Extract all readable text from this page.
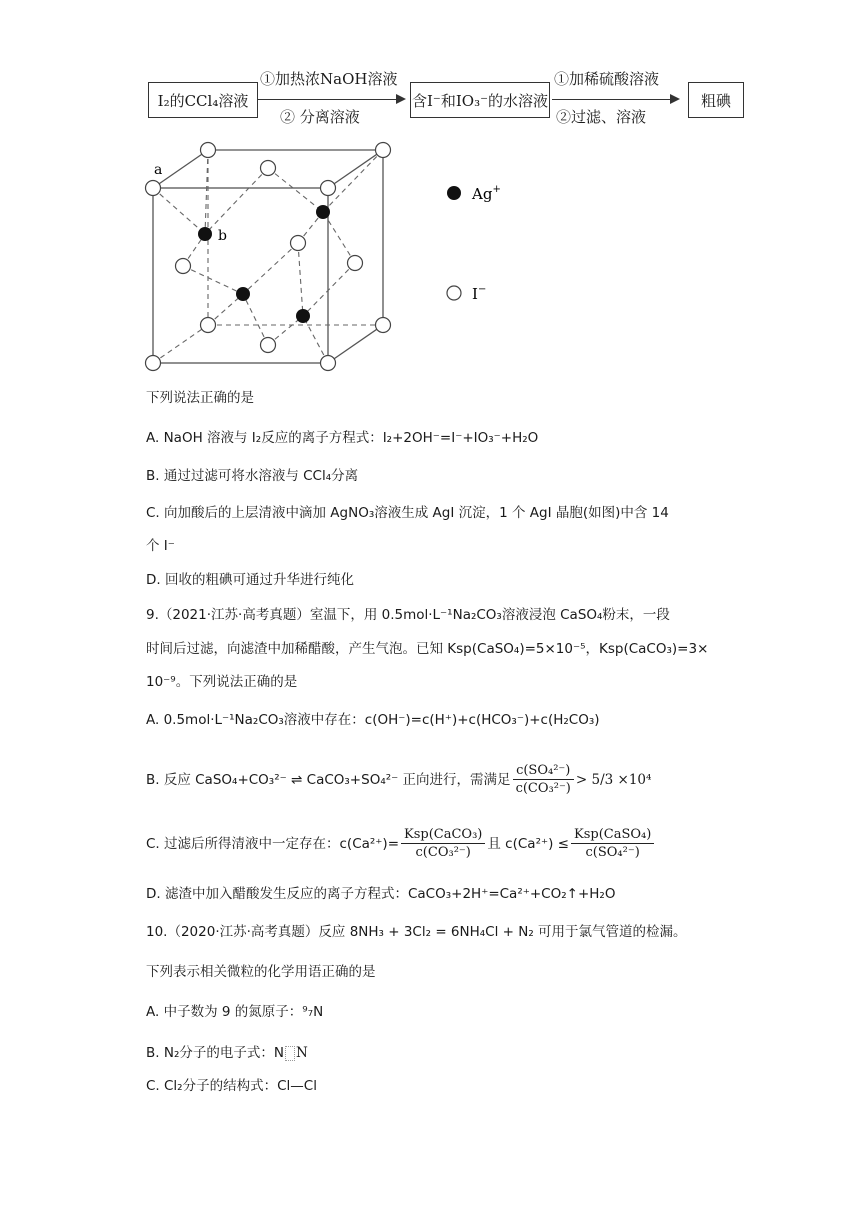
I₂的CCl₄溶液
①加热浓NaOH溶液
② 分离溶液
含I⁻和IO₃⁻的水溶液
①加稀硫酸溶液
②过滤、溶液
粗碘
a
b
Ag+
I−
下列说法正确的是
A. NaOH 溶液与 I₂反应的离子方程式：I₂+2OH⁻=I⁻+IO₃⁻+H₂O
B. 通过过滤可将水溶液与 CCl₄分离
C. 向加酸后的上层清液中滴加 AgNO₃溶液生成 AgI 沉淀，1 个 AgI 晶胞(如图)中含 14
个 I⁻
D. 回收的粗碘可通过升华进行纯化
9.（2021·江苏·高考真题）室温下，用 0.5mol·L⁻¹Na₂CO₃溶液浸泡 CaSO₄粉末，一段
时间后过滤，向滤渣中加稀醋酸，产生气泡。已知 Ksp(CaSO₄)=5×10⁻⁵，Ksp(CaCO₃)=3×
10⁻⁹。下列说法正确的是
A. 0.5mol·L⁻¹Na₂CO₃溶液中存在：c(OH⁻)=c(H⁺)+c(HCO₃⁻)+c(H₂CO₃)
B. 反应 CaSO₄+CO₃²⁻ ⇌ CaCO₃+SO₄²⁻ 正向进行，需满足 $\frac{\text{c(SO₄²⁻)}}{\text{c(CO₃²⁻)}} > 5/3 \times 10^4$
C. 过滤后所得清液中一定存在：$c(Ca^{2+})= \frac{\text{Ksp(CaCO₃)}}{\text{c(CO₃²⁻)}}$ 且 $c(Ca^{2+}) \le \frac{\text{Ksp(CaSO₄)}}{\text{c(SO₄²⁻)}}$
D. 滤渣中加入醋酸发生反应的离子方程式：CaCO₃+2H⁺=Ca²⁺+CO₂↑+H₂O
10.（2020·江苏·高考真题）反应 8NH₃ + 3Cl₂ = 6NH₄Cl + N₂ 可用于氯气管道的检漏。
下列表示相关微粒的化学用语正确的是
A. 中子数为 9 的氮原子：⁹₇N
B. N₂分子的电子式：N N
C. Cl₂分子的结构式：Cl—Cl
